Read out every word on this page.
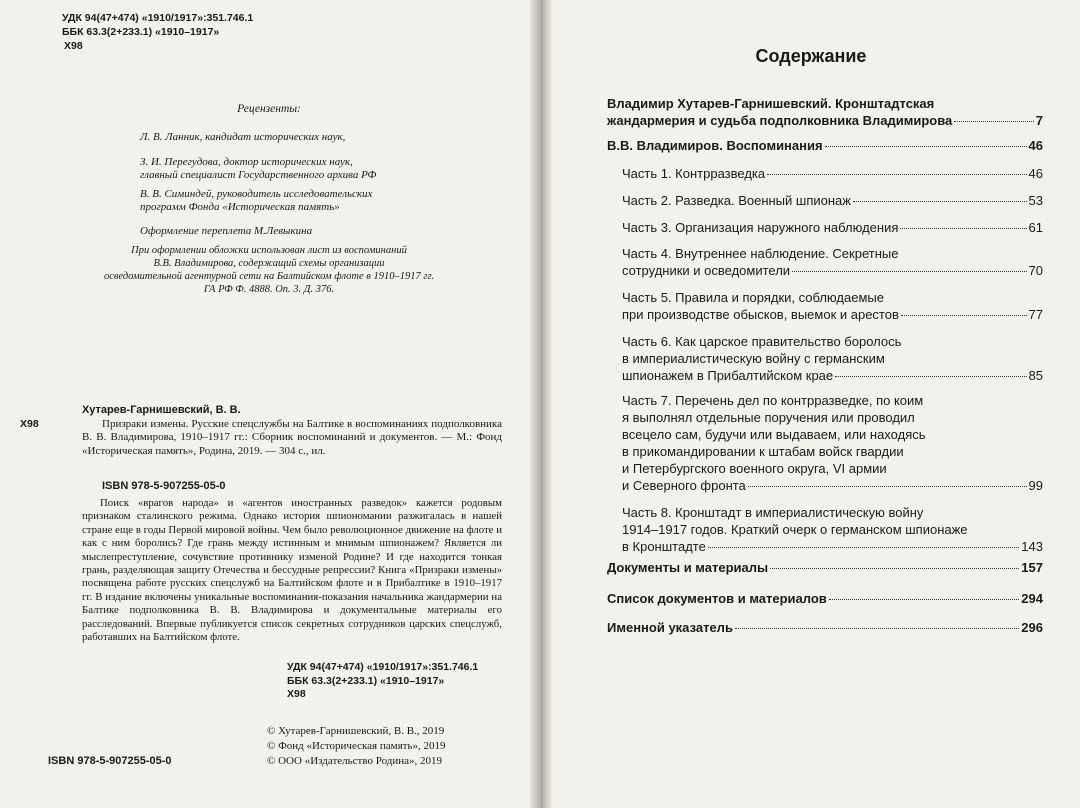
УДК 94(47+474) «1910/1917»:351.746.1
ББК 63.3(2+233.1) «1910–1917»
Х98
Рецензенты:
Л. В. Ланник, кандидат исторических наук,
З. И. Перегудова, доктор исторических наук,
главный специалист Государственного архива РФ
В. В. Симиндей, руководитель исследовательских
программ Фонда «Историческая память»
Оформление переплета М.Левыкина
При оформлении обложки использован лист из воспоминаний
В.В. Владимирова, содержащий схемы организации
осведомительной агентурной сети на Балтийском флоте в 1910–1917 гг.
ГА РФ Ф. 4888. Оп. 3. Д. 376.
Х98
Хутарев-Гарнишевский, В. В.
Призраки измены. Русские спецслужбы на Балтике в воспоминаниях подполковника В. В. Владимирова, 1910–1917 гг.: Сборник воспоминаний и документов. — М.: Фонд «Историческая память», Родина, 2019. — 304 с., ил.
ISBN 978-5-907255-05-0
Поиск «врагов народа» и «агентов иностранных разведок» кажется родовым признаком сталинского режима. Однако история шпиономании разжигалась в нашей стране еще в годы Первой мировой войны. Чем было революционное движение на флоте и как с ним боролись? Где грань между истинным и мнимым шпионажем? Является ли мыслепреступление, сочувствие противнику изменой Родине? И где находится тонкая грань, разделяющая защиту Отечества и бессудные репрессии? Книга «Призраки измены» посвящена работе русских спецслужб на Балтийском флоте и в Прибалтике в 1910–1917 гг. В издание включены уникальные воспоминания-показания начальника жандармерии на Балтике подполковника В. В. Владимирова и документальные материалы его расследований. Впервые публикуется список секретных сотрудников царских спецслужб, работавших на Балтийском флоте.
УДК 94(47+474) «1910/1917»:351.746.1
ББК 63.3(2+233.1) «1910–1917»
Х98
© Хутарев-Гарнишевский, В. В., 2019
© Фонд «Историческая память», 2019
© ООО «Издательство Родина», 2019
ISBN 978-5-907255-05-0
Содержание
Владимир Хутарев-Гарнишевский. Кронштадтская
жандармерия и судьба подполковника Владимирова	7
В.В. Владимиров. Воспоминания	46
Часть 1. Контрразведка	46
Часть 2. Разведка. Военный шпионаж	53
Часть 3. Организация наружного наблюдения	61
Часть 4. Внутреннее наблюдение. Секретные
сотрудники и осведомители	70
Часть 5. Правила и порядки, соблюдаемые
при производстве обысков, выемок и арестов	77
Часть 6. Как царское правительство боролось
в империалистическую войну с германским
шпионажем в Прибалтийском крае	85
Часть 7. Перечень дел по контрразведке, по коим
я выполнял отдельные поручения или проводил
всецело сам, будучи или выдаваем, или находясь
в прикомандировании к штабам войск гвардии
и Петербургского военного округа, VI армии
и Северного фронта	99
Часть 8. Кронштадт в империалистическую войну
1914–1917 годов. Краткий очерк о германском шпионаже
в Кронштадте	143
Документы и материалы	157
Список документов и материалов	294
Именной указатель	296
